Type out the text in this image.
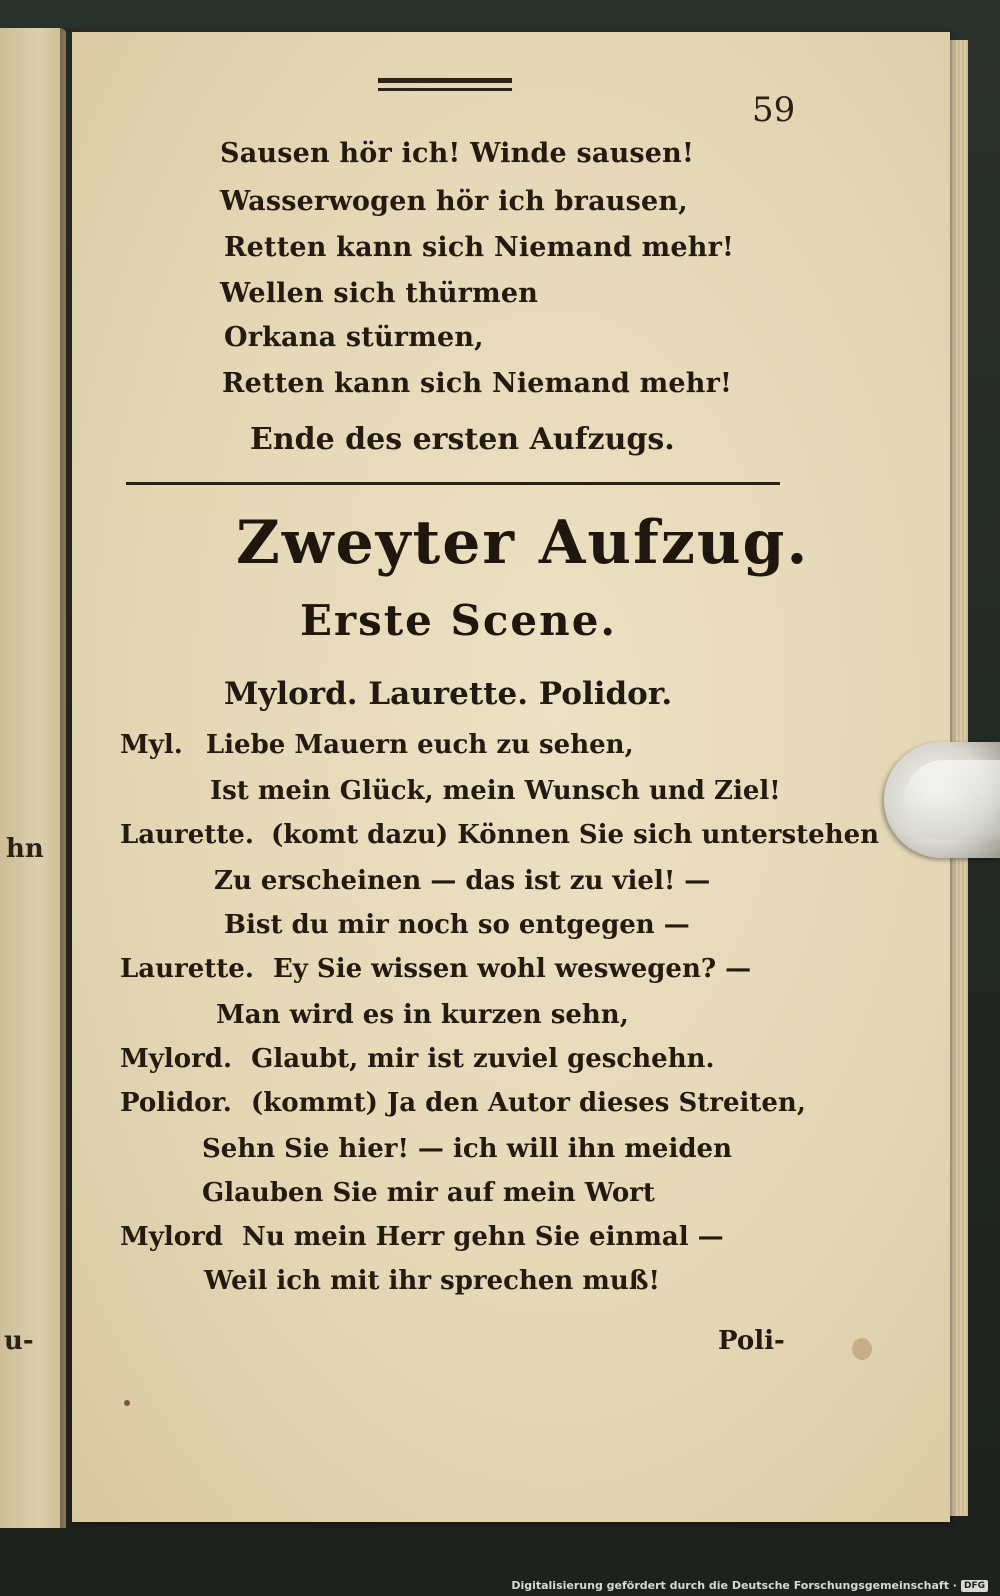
hn
u-
59
Sausen hör ich! Winde sausen!
Wasserwogen hör ich brausen,
Retten kann sich Niemand mehr!
Wellen sich thürmen
Orkana stürmen,
Retten kann sich Niemand mehr!
Ende des ersten Aufzugs.
Zweyter Aufzug.
Erste Scene.
Mylord. Laurette. Polidor.
Myl. Liebe Mauern euch zu sehen,
Ist mein Glück, mein Wunsch und Ziel!
Laurette. (komt dazu) Können Sie sich unterstehen
Zu erscheinen — das ist zu viel! —
Bist du mir noch so entgegen —
Laurette. Ey Sie wissen wohl weswegen? —
Man wird es in kurzen sehn,
Mylord. Glaubt, mir ist zuviel geschehn.
Polidor. (kommt) Ja den Autor dieses Streiten,
Sehn Sie hier! — ich will ihn meiden
Glauben Sie mir auf mein Wort
Mylord Nu mein Herr gehn Sie einmal —
Weil ich mit ihr sprechen muß!
Poli-
Digitalisierung gefördert durch die Deutsche Forschungsgemeinschaft · DFG
